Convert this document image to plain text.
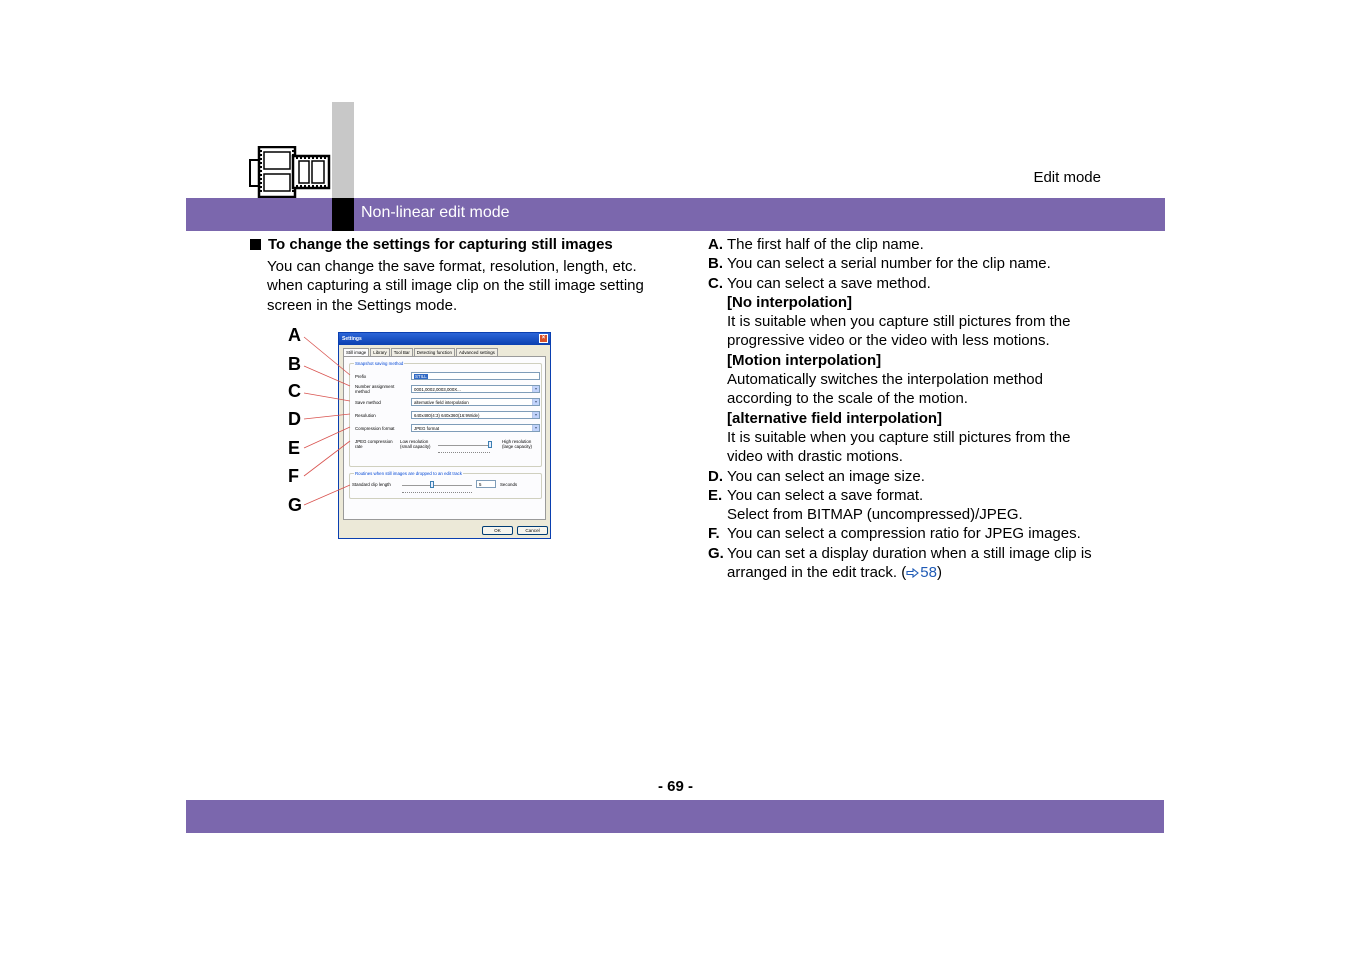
Edit mode
Non-linear edit mode
To change the settings for capturing still images
You can change the save format, resolution, length, etc. when capturing a still image clip on the still image setting screen in the Settings mode.
A
B
C
D
E
F
G
Settings	×
Still image	Library	Tool Bar	Detecting function	Advanced settings
Snapshot saving method
Prefix	STILL
Number assignment method	0001,0002,0003,000X...
Save method	alternative field interpolation
Resolution	640x480(4:3) 640x360(16:9Wide)
Compression format	JPEG format
JPEG compression rate
Low resolution (small capacity)
High resolution (large capacity)
Routines when still images are dropped to an edit track
Standard clip length	5	Seconds
OK	Cancel
A. The first half of the clip name.
B. You can select a serial number for the clip name.
C. You can select a save method.
[No interpolation]
It is suitable when you capture still pictures from the progressive video or the video with less motions.
[Motion interpolation]
Automatically switches the interpolation method according to the scale of the motion.
[alternative field interpolation]
It is suitable when you capture still pictures from the video with drastic motions.
D. You can select an image size.
E. You can select a save format.
Select from BITMAP (uncompressed)/JPEG.
F. You can select a compression ratio for JPEG images.
G. You can set a display duration when a still image clip is arranged in the edit track. ( 58)
- 69 -
